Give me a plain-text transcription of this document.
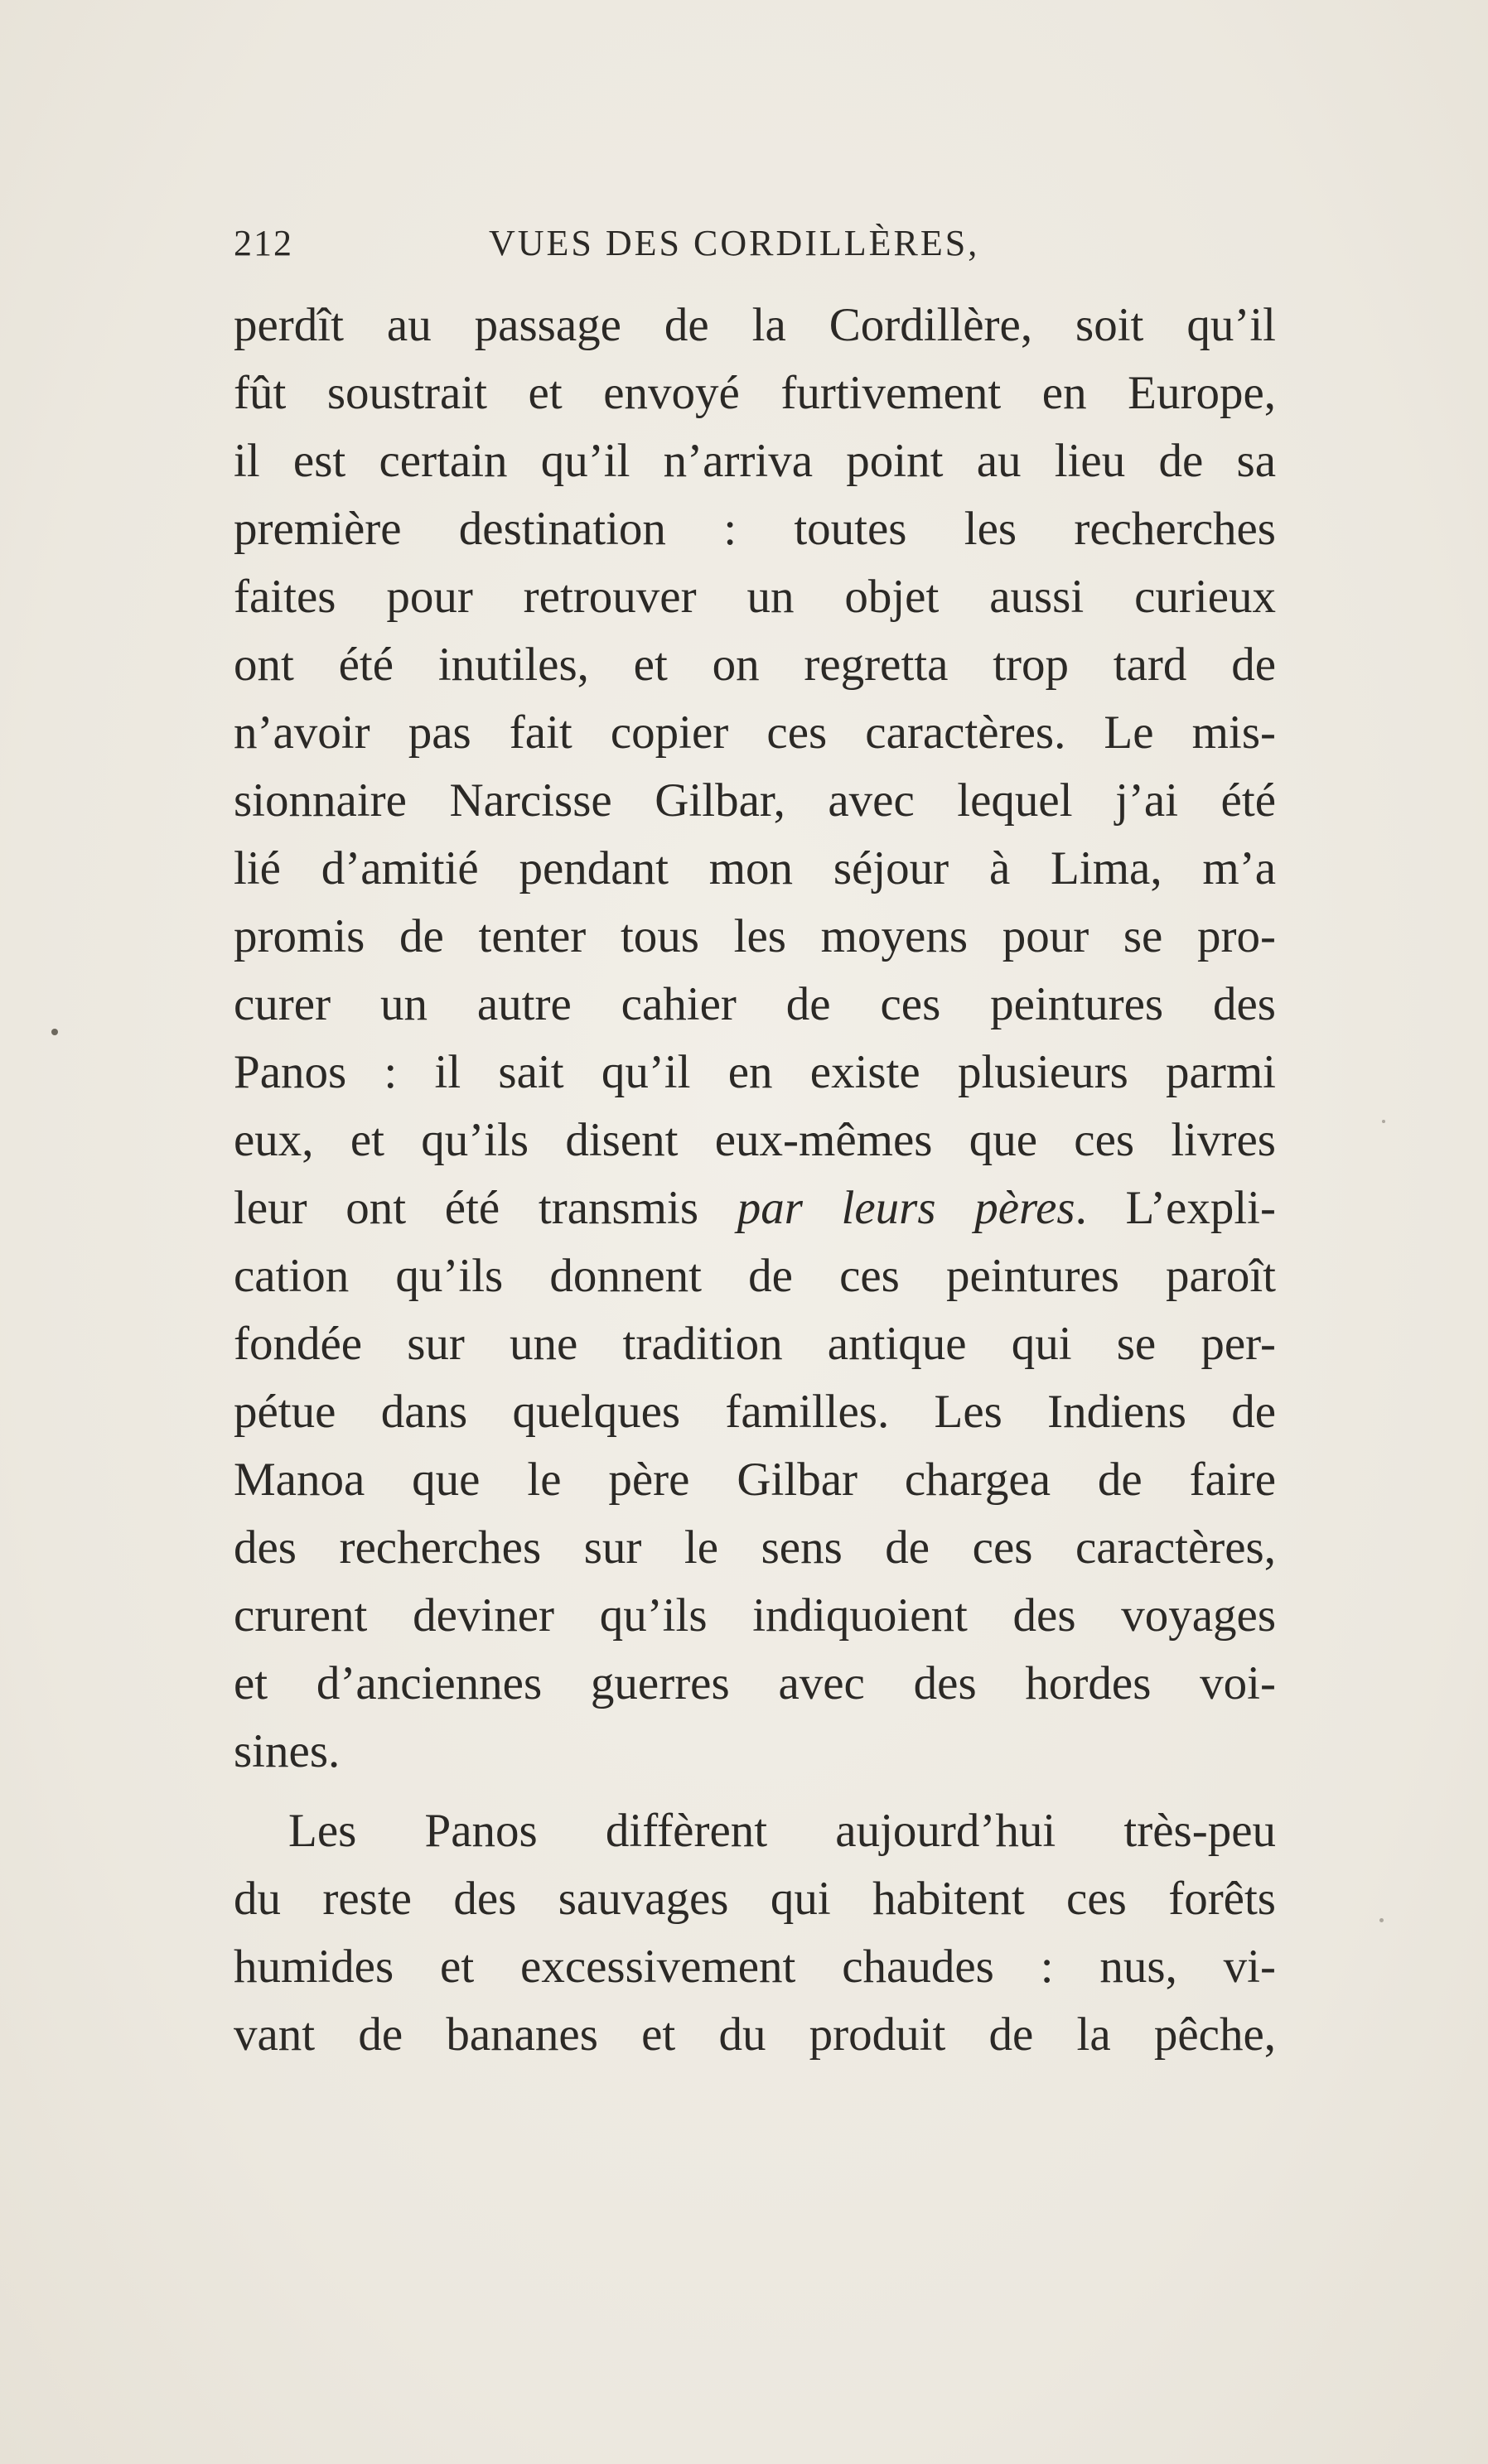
212	VUES DES CORDILLÈRES,
perdît au passage de la Cordillère, soit qu’il
fût soustrait et envoyé furtivement en Europe,
il est certain qu’il n’arriva point au lieu de sa
première destination : toutes les recherches
faites pour retrouver un objet aussi curieux
ont été inutiles, et on regretta trop tard de
n’avoir pas fait copier ces caractères. Le mis-
sionnaire Narcisse Gilbar, avec lequel j’ai été
lié d’amitié pendant mon séjour à Lima, m’a
promis de tenter tous les moyens pour se pro-
curer un autre cahier de ces peintures des
Panos : il sait qu’il en existe plusieurs parmi
eux, et qu’ils disent eux-mêmes que ces livres
leur ont été transmis par leurs pères. L’expli-
cation qu’ils donnent de ces peintures paroît
fondée sur une tradition antique qui se per-
pétue dans quelques familles. Les Indiens de
Manoa que le père Gilbar chargea de faire
des recherches sur le sens de ces caractères,
crurent deviner qu’ils indiquoient des voyages
et d’anciennes guerres avec des hordes voi-
sines.
Les Panos diffèrent aujourd’hui très-peu
du reste des sauvages qui habitent ces forêts
humides et excessivement chaudes : nus, vi-
vant de bananes et du produit de la pêche,
